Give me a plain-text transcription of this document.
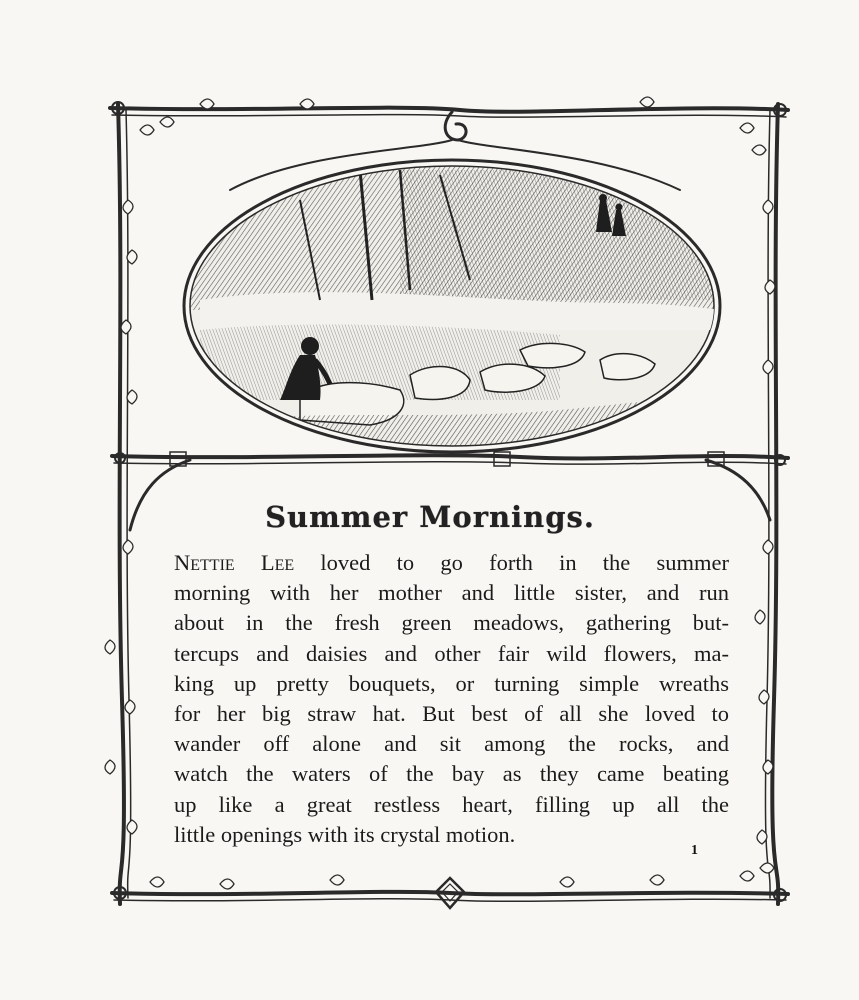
Summer Mornings.
Nettie Lee loved to go forth in the summer
morning with her mother and little sister, and run
about in the fresh green meadows, gathering but-
tercups and daisies and other fair wild flowers, ma-
king up pretty bouquets, or turning simple wreaths
for her big straw hat. But best of all she loved to
wander off alone and sit among the rocks, and
watch the waters of the bay as they came beating
up like a great restless heart, filling up all the
little openings with its crystal motion.
1
